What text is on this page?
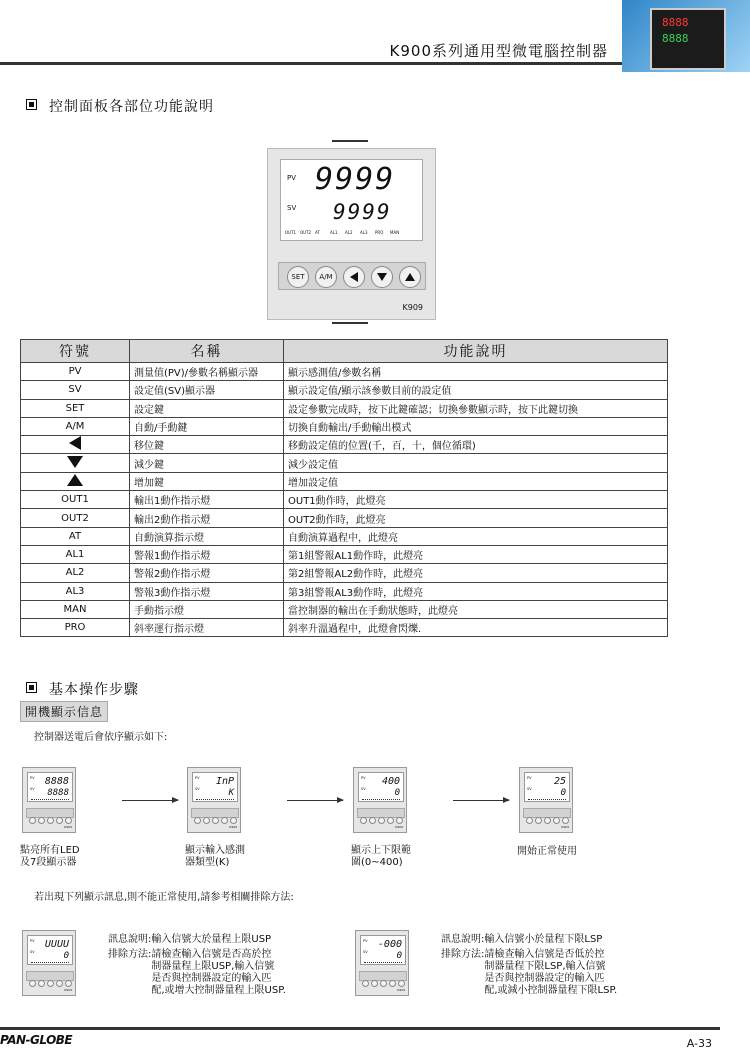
K900系列通用型微電腦控制器
8888
8888
控制面板各部位功能說明
PV
SV
9999
9999
OUT1 OUT2 AT	AL1 AL2 AL3 PRO MAN
SET	A/M
K909
符號	名稱	功能說明
PV	測量值(PV)/參數名稱顯示器	顯示感測值/參數名稱
SV	設定值(SV)顯示器	顯示設定值/顯示該參數目前的設定值
SET	設定鍵	設定參數完成時，按下此鍵確認；切換參數顯示時，按下此鍵切換
A/M	自動/手動鍵	切換自動輸出/手動輸出模式
	移位鍵	移動設定值的位置(千，百，十，個位循環)
	減少鍵	減少設定值
	增加鍵	增加設定值
OUT1	輸出1動作指示燈	OUT1動作時，此燈亮
OUT2	輸出2動作指示燈	OUT2動作時，此燈亮
AT	自動演算指示燈	自動演算過程中，此燈亮
AL1	警報1動作指示燈	第1組警報AL1動作時，此燈亮
AL2	警報2動作指示燈	第2組警報AL2動作時，此燈亮
AL3	警報3動作指示燈	第3組警報AL3動作時，此燈亮
MAN	手動指示燈	當控制器的輸出在手動狀態時，此燈亮
PRO	斜率運行指示燈	斜率升溫過程中，此燈會閃爍.
基本操作步驟
開機顯示信息
控制器送電后會依序顯示如下:
PV
SV
8888
8888
K909
點亮所有LED
及7段顯示器
PV
SV
InP
K
K909
顯示輸入感測
器類型(K)
PV
SV
400
0
K909
顯示上下限範
圍(0~400)
PV
SV
25
0
K909
開始正常使用
若出現下列顯示訊息,則不能正常使用,請参考相關排除方法:
PV
SV
UUUU
0
K909
訊息說明:輸入信號大於量程上限USP
排除方法: 請檢查輸入信號是否高於控
制器量程上限USP,輸入信號
是否與控制器設定的輸入匹
配,或增大控制器量程上限USP.
PV
SV
-000
0
K909
訊息說明:輸入信號小於量程下限LSP
排除方法: 請檢查輸入信號是否低於控
制器量程下限LSP,輸入信號
是否與控制器設定的輸入匹
配,或減小控制器量程下限LSP.
PAN-GLOBE	A-33
